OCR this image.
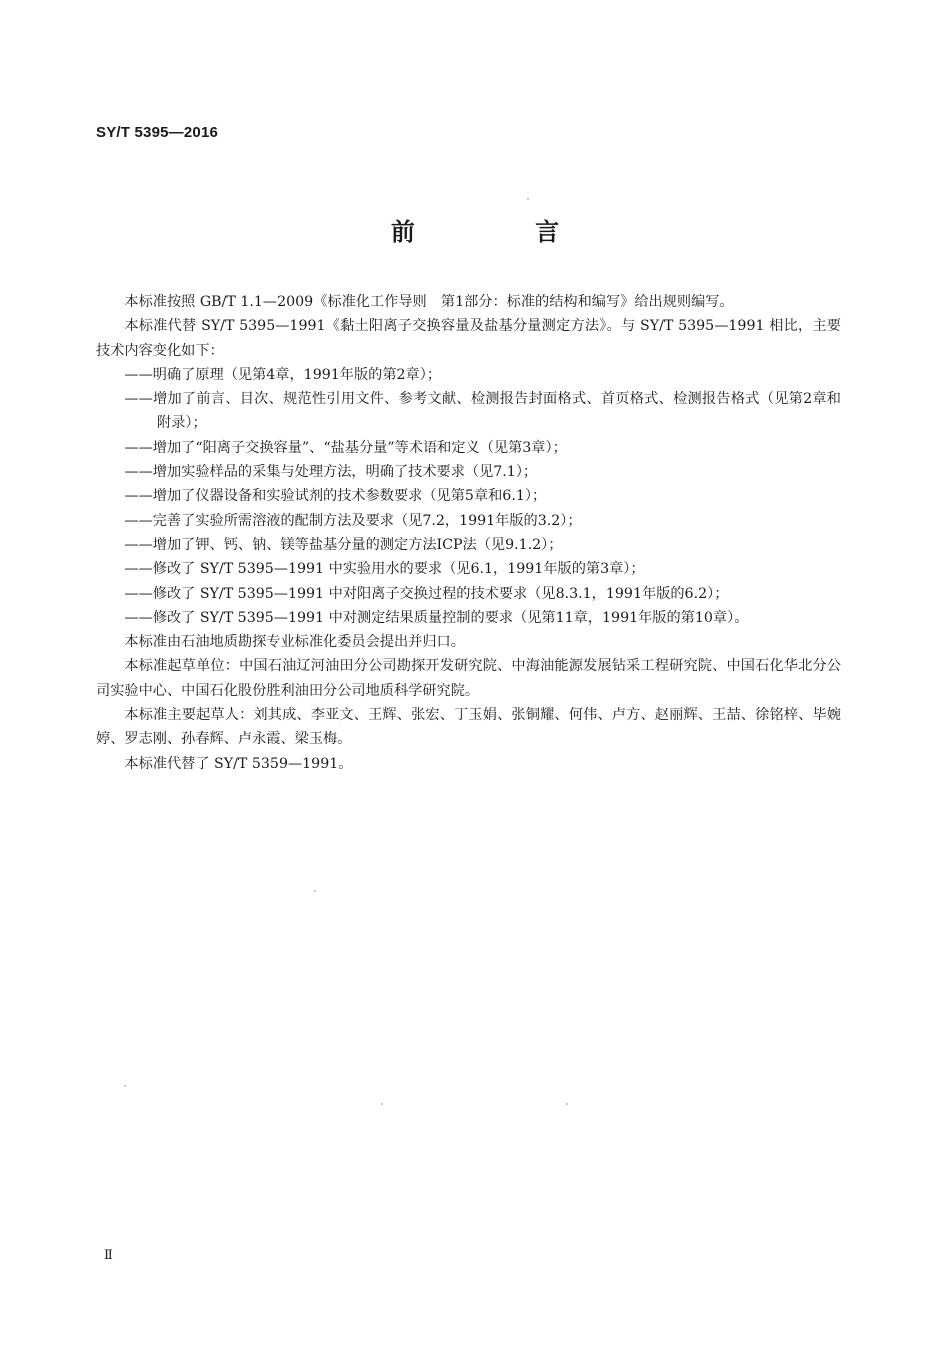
SY/T 5395—2016
前 言

本标准按照 GB/T 1.1—2009《标准化工作导则　第1部分：标准的结构和编写》给出规则编写。

本标准代替 SY/T 5395—1991《黏土阳离子交换容量及盐基分量测定方法》。与 SY/T 5395—1991 相比，主要技术内容变化如下：

——明确了原理（见第4章，1991年版的第2章）；

——增加了前言、目次、规范性引用文件、参考文献、检测报告封面格式、首页格式、检测报告格式（见第2章和附录）；

——增加了“阳离子交换容量”、“盐基分量”等术语和定义（见第3章）；

——增加实验样品的采集与处理方法，明确了技术要求（见7.1）；

——增加了仪器设备和实验试剂的技术参数要求（见第5章和6.1）；

——完善了实验所需溶液的配制方法及要求（见7.2，1991年版的3.2）；

——增加了钾、钙、钠、镁等盐基分量的测定方法ICP法（见9.1.2）；

——修改了 SY/T 5395—1991 中实验用水的要求（见6.1，1991年版的第3章）；

——修改了 SY/T 5395—1991 中对阳离子交换过程的技术要求（见8.3.1，1991年版的6.2）；

——修改了 SY/T 5395—1991 中对测定结果质量控制的要求（见第11章，1991年版的第10章）。

本标准由石油地质勘探专业标准化委员会提出并归口。

本标准起草单位：中国石油辽河油田分公司勘探开发研究院、中海油能源发展钻采工程研究院、中国石化华北分公司实验中心、中国石化股份胜利油田分公司地质科学研究院。

本标准主要起草人：刘其成、李亚文、王辉、张宏、丁玉娟、张铜耀、何伟、卢方、赵丽辉、王喆、徐铭梓、毕婉婷、罗志刚、孙春辉、卢永霞、梁玉梅。

本标准代替了 SY/T 5359—1991。

Ⅱ
